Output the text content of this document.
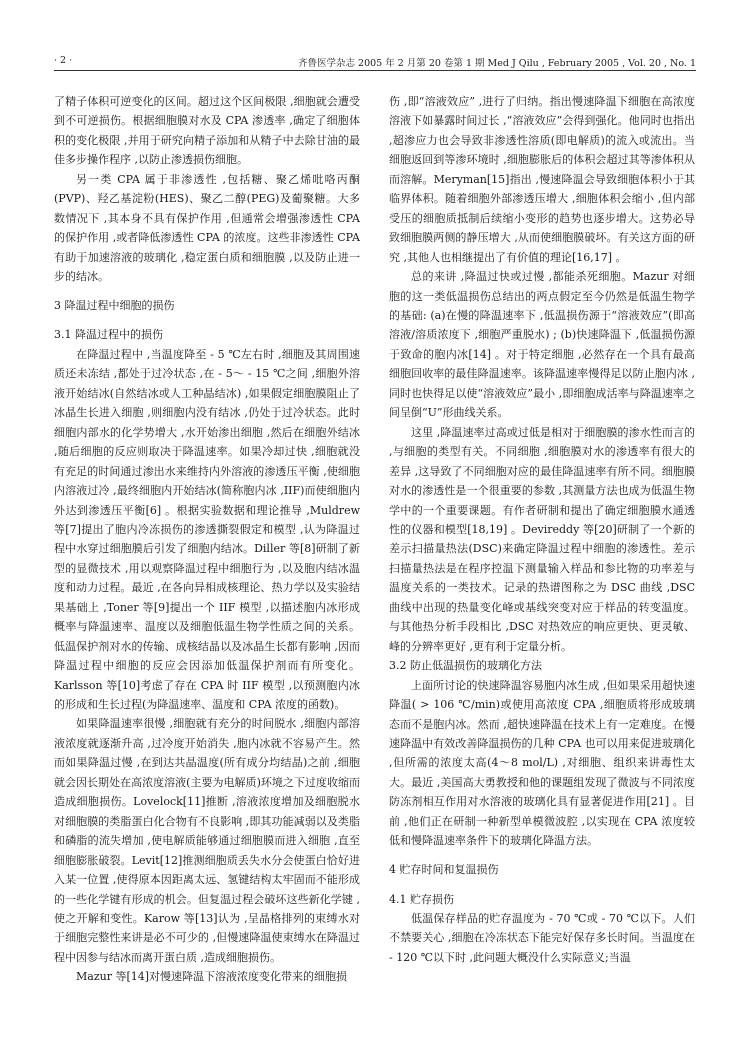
· 2 ·	齐鲁医学杂志 2005 年 2 月第 20 卷第 1 期 Med J Qilu , February 2005 , Vol. 20 , No. 1

了精子体积可逆变化的区间。超过这个区间极限 ,细胞就会遭受到不可逆损伤。根据细胞膜对水及 CPA 渗透率 ,确定了细胞体积的变化极限 ,并用于研究向精子添加和从精子中去除甘油的最佳多步操作程序 ,以防止渗透损伤细胞。

另一类 CPA 属于非渗透性 ,包括糖、聚乙烯吡咯丙酮(PVP)、羟乙基淀粉(HES)、聚乙二醇(PEG)及葡聚糖。大多数情况下 ,其本身不具有保护作用 ,但通常会增强渗透性 CPA 的保护作用 ,或者降低渗透性 CPA 的浓度。这些非渗透性 CPA 有助于加速溶液的玻璃化 ,稳定蛋白质和细胞膜 ,以及防止进一步的结冰。

3 降温过程中细胞的损伤
3.1 降温过程中的损伤

在降温过程中 ,当温度降至 - 5 ℃左右时 ,细胞及其周围速质还未冻结 ,都处于过冷状态 ,在 - 5～ - 15 ℃之间 ,细胞外溶液开始结冰(自然结冰或人工种晶结冰) ,如果假定细胞膜阻止了冰晶生长进入细胞 ,则细胞内没有结冰 ,仍处于过冷状态。此时细胞内部水的化学势增大 ,水开始渗出细胞 ,然后在细胞外结冰 ,随后细胞的反应则取决于降温速率。如果冷却过快 ,细胞就没有充足的时间通过渗出水来维持内外溶液的渗透压平衡 ,使细胞内溶液过冷 ,最终细胞内开始结冰(简称胞内冰 ,IIF)而使细胞内外达到渗透压平衡[6] 。根据实验数据和理论推导 ,Muldrew 等[7]提出了胞内冷冻损伤的渗透撕裂假定和模型 ,认为降温过程中水穿过细胞膜后引发了细胞内结冰。Diller 等[8]研制了新型的显微技术 ,用以观察降温过程中细胞行为 ,以及胞内结冰温度和动力过程。最近 ,在各向异相成核理论、热力学以及实验结果基础上 ,Toner 等[9]提出一个 IIF 模型 ,以描述胞内冰形成概率与降温速率、温度以及细胞低温生物学性质之间的关系。低温保护剂对水的传输、成核结晶以及冰晶生长都有影响 ,因而降温过程中细胞的反应会因添加低温保护剂而有所变化。Karlsson 等[10]考虑了存在 CPA 时 IIF 模型 ,以预测胞内冰的形成和生长过程(为降温速率、温度和 CPA 浓度的函数)。

如果降温速率很慢 ,细胞就有充分的时间脱水 ,细胞内部溶液浓度就逐渐升高 ,过冷度开始消失 ,胞内冰就不容易产生。然而如果降温过慢 ,在到达共晶温度(所有成分均结晶)之前 ,细胞就会因长期处在高浓度溶液(主要为电解质)环境之下过度收缩而造成细胞损伤。Lovelock[11]推断 ,溶液浓度增加及细胞脱水对细胞膜的类脂蛋白化合物有不良影响 ,即其功能减弱以及类脂和磷脂的流失增加 ,使电解质能够通过细胞膜而进入细胞 ,直至细胞膨胀破裂。Levit[12]推测细胞质丢失水分会使蛋白恰好进入某一位置 ,使得原本因距离太远、氢键结构太牢固而不能形成的一些化学键有形成的机会。但复温过程会破坏这些新化学键 ,使之开解和变性。Karow 等[13]认为 ,呈晶格排列的束缚水对于细胞完整性来讲是必不可少的 ,但慢速降温使束缚水在降温过程中因参与结冰而离开蛋白质 ,造成细胞损伤。

Mazur 等[14]对慢速降温下溶液浓度变化带来的细胞损

伤 ,即“溶液效应” ,进行了归纳。指出慢速降温下细胞在高浓度溶液下如暴露时间过长 ,“溶液效应”会得到强化。他同时也指出 ,超渗应力也会导致非渗透性溶质(即电解质)的流入或流出。当细胞返回到等渗环境时 ,细胞膨胀后的体积会超过其等渗体积从而溶解。Meryman[15]指出 ,慢速降温会导致细胞体积小于其临界体积。随着细胞外部渗透压增大 ,细胞体积会缩小 ,但内部受压的细胞质抵制后续缩小变形的趋势也逐步增大。这势必导致细胞膜两侧的静压增大 ,从而使细胞膜破坏。有关这方面的研究 ,其他人也相继提出了有价值的理论[16,17] 。

总的来讲 ,降温过快或过慢 ,都能杀死细胞。Mazur 对细胞的这一类低温损伤总结出的两点假定至今仍然是低温生物学的基础: (a)在慢的降温速率下 ,低温损伤源于“溶液效应”(即高溶液/溶质浓度下 ,细胞严重脱水) ; (b)快速降温下 ,低温损伤源于致命的胞内冰[14] 。对于特定细胞 ,必然存在一个具有最高细胞回收率的最佳降温速率。该降温速率慢得足以防止胞内冰 ,同时也快得足以使“溶液效应”最小 ,即细胞成活率与降温速率之间呈倒“U”形曲线关系。

这里 ,降温速率过高或过低是相对于细胞膜的渗水性而言的 ,与细胞的类型有关。不同细胞 ,细胞膜对水的渗透率有很大的差异 ,这导致了不同细胞对应的最佳降温速率有所不同。细胞膜对水的渗透性是一个很重要的参数 ,其测量方法也成为低温生物学中的一个重要课题。有作者研制和提出了确定细胞膜水通透性的仪器和模型[18,19] 。Devireddy 等[20]研制了一个新的差示扫描量热法(DSC)来确定降温过程中细胞的渗透性。差示扫描量热法是在程序控温下测量输入样品和参比物的功率差与温度关系的一类技术。记录的热谱图称之为 DSC 曲线 ,DSC 曲线中出现的热量变化峰或基线突变对应于样品的转变温度。与其他热分析手段相比 ,DSC 对热效应的响应更快、更灵敏、峰的分辨率更好 ,更有利于定量分析。

3.2 防止低温损伤的玻璃化方法

上面所讨论的快速降温容易胞内冰生成 ,但如果采用超快速降温( > 106 ℃/min)或使用高浓度 CPA ,细胞质将形成玻璃态而不是胞内冰。然而 ,超快速降温在技术上有一定难度。在慢速降温中有效改善降温损伤的几种 CPA 也可以用来促进玻璃化 ,但所需的浓度太高(4～8 mol/L) ,对细胞、组织来讲毒性太大。最近 ,美国高大勇教授和他的课题组发现了微波与不同浓度防冻剂相互作用对水溶液的玻璃化具有显著促进作用[21] 。目前 ,他们正在研制一种新型单模微波腔 ,以实现在 CPA 浓度较低和慢降温速率条件下的玻璃化降温方法。

4 贮存时间和复温损伤
4.1 贮存损伤

低温保存样品的贮存温度为 - 70 ℃或 - 70 ℃以下。人们不禁要关心 ,细胞在冷冻状态下能完好保存多长时间。当温度在 - 120 ℃以下时 ,此问题大概没什么实际意义;当温
